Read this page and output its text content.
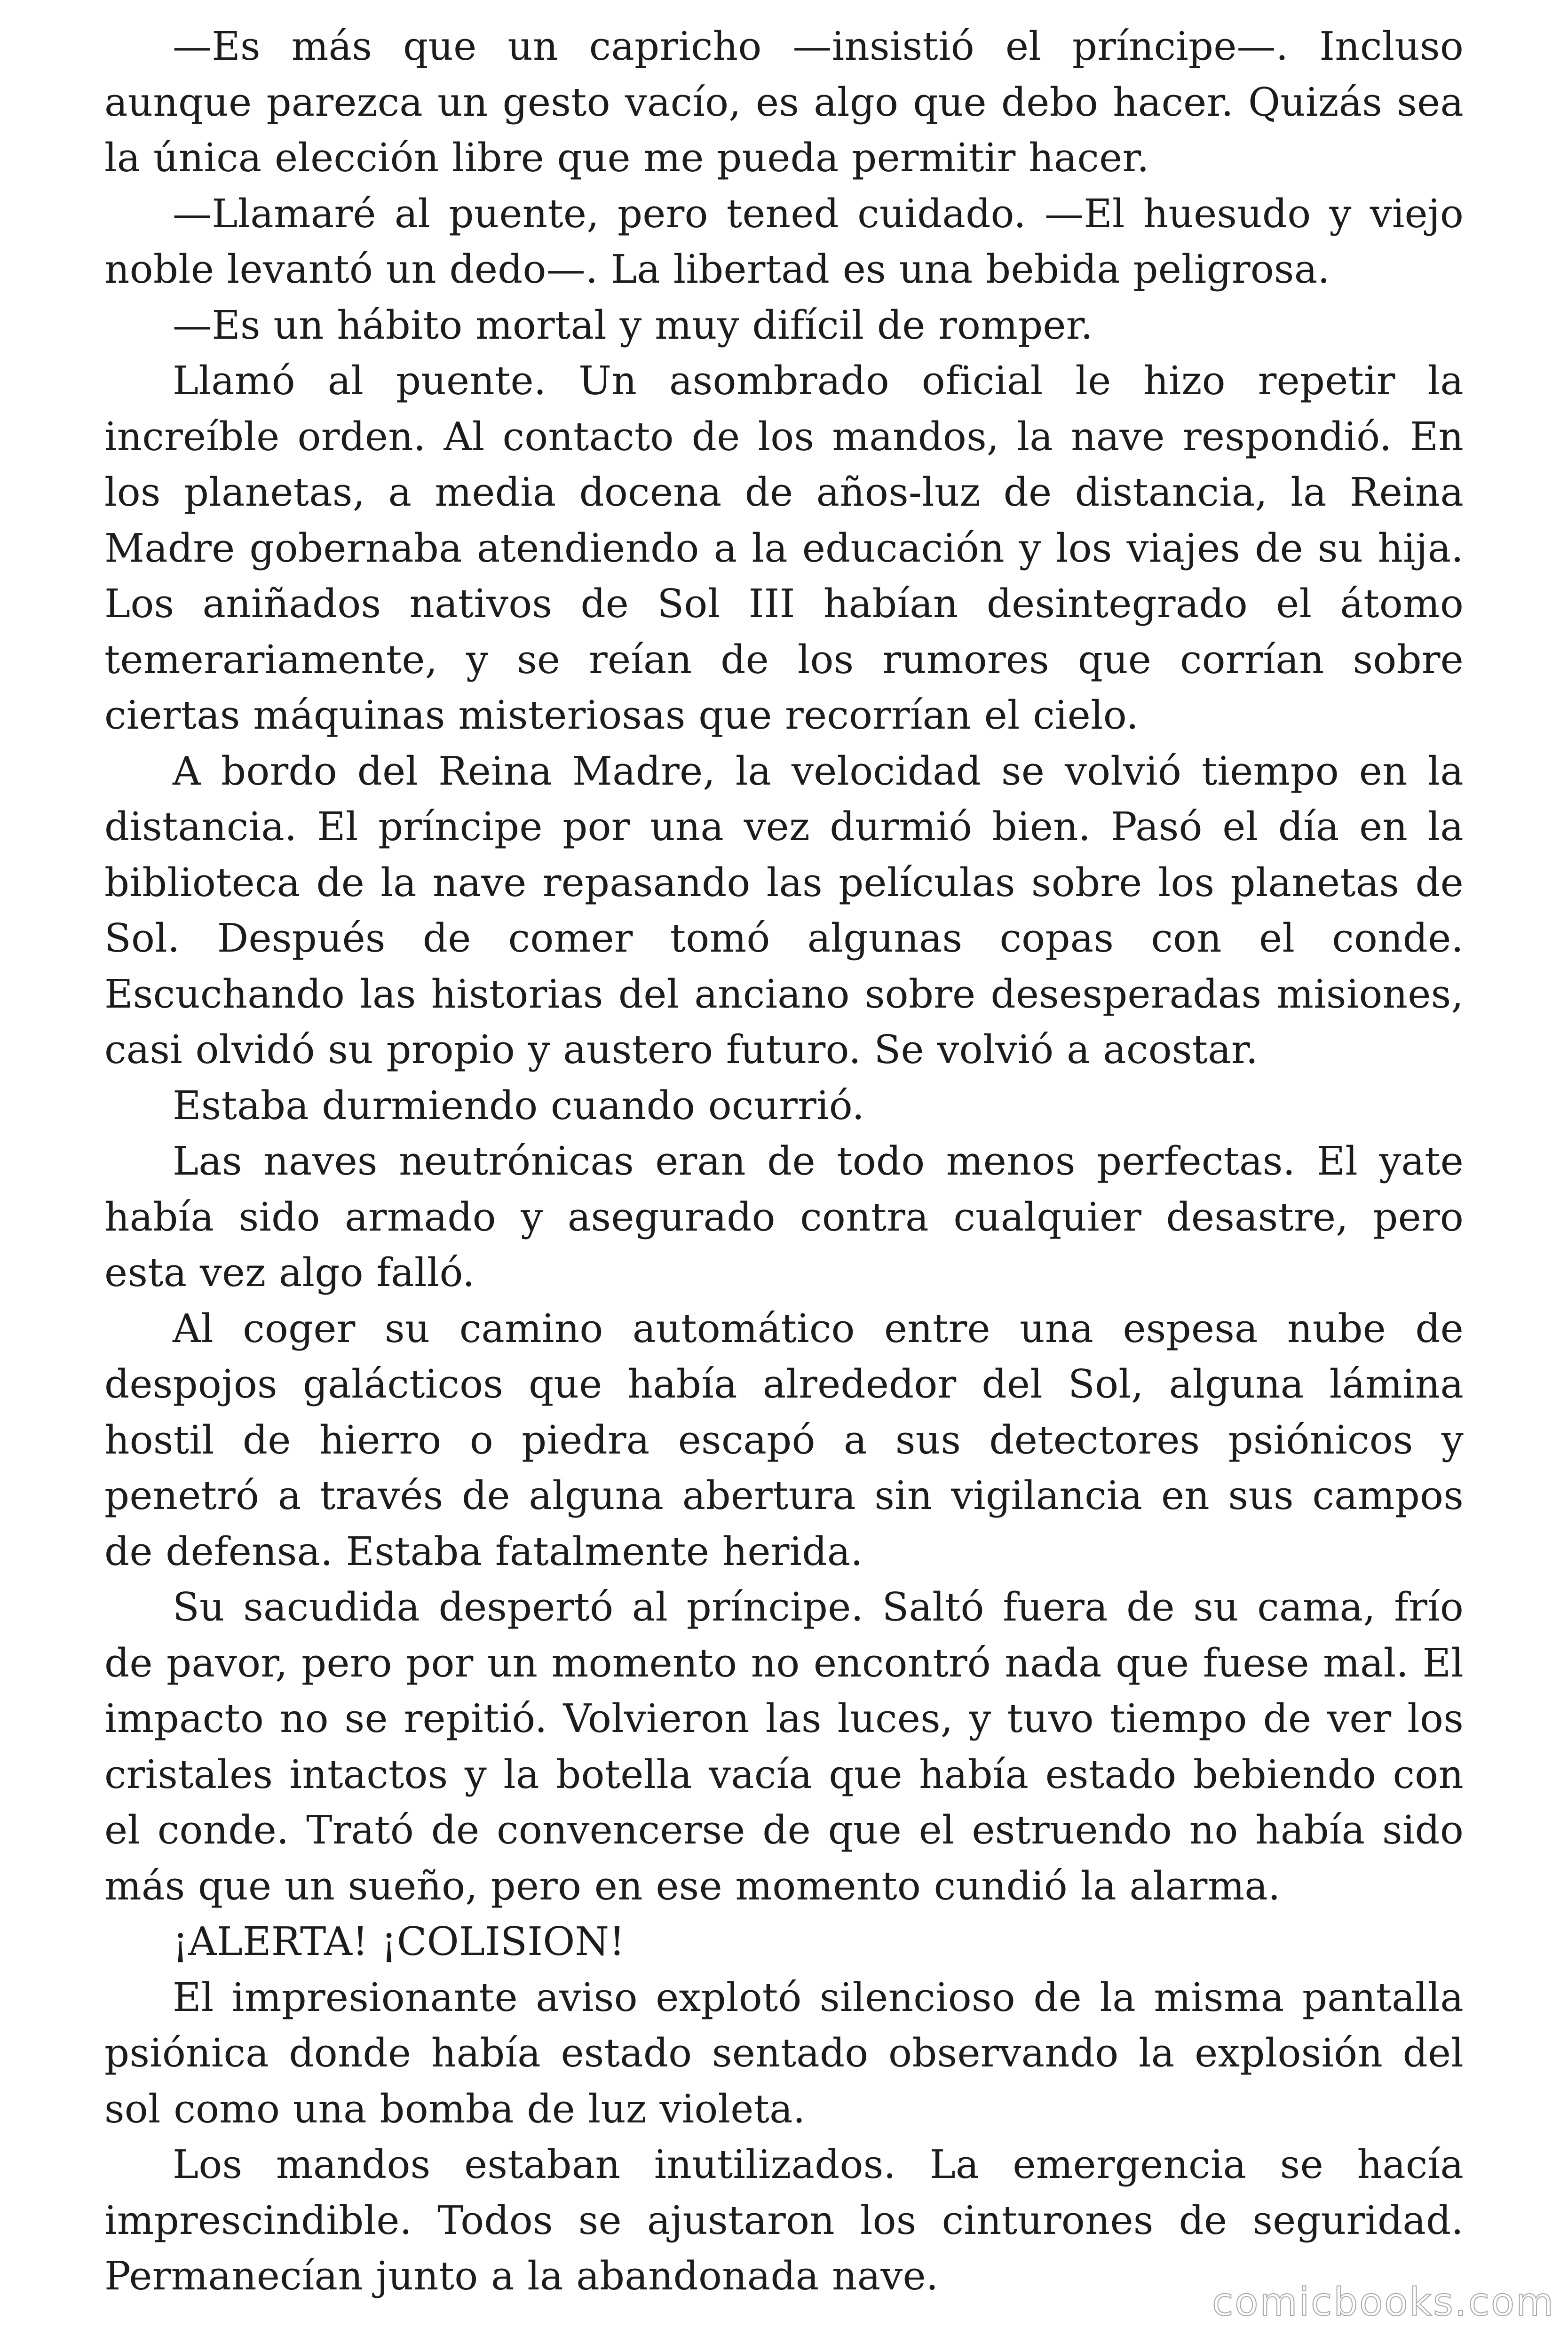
—Es más que un capricho —insistió el príncipe—. Incluso aunque parezca un gesto vacío, es algo que debo hacer. Quizás sea la única elección libre que me pueda permitir hacer.

—Llamaré al puente, pero tened cuidado. —El huesudo y viejo noble levantó un dedo—. La libertad es una bebida peligrosa.

—Es un hábito mortal y muy difícil de romper.

Llamó al puente. Un asombrado oficial le hizo repetir la increíble orden. Al contacto de los mandos, la nave respondió. En los planetas, a media docena de años-luz de distancia, la Reina Madre gobernaba atendiendo a la educación y los viajes de su hija. Los aniñados nativos de Sol III habían desintegrado el átomo temerariamente, y se reían de los rumores que corrían sobre ciertas máquinas misteriosas que recorrían el cielo.

A bordo del Reina Madre, la velocidad se volvió tiempo en la distancia. El príncipe por una vez durmió bien. Pasó el día en la biblioteca de la nave repasando las películas sobre los planetas de Sol. Después de comer tomó algunas copas con el conde. Escuchando las historias del anciano sobre desesperadas misiones, casi olvidó su propio y austero futuro. Se volvió a acostar.

Estaba durmiendo cuando ocurrió.

Las naves neutrónicas eran de todo menos perfectas. El yate había sido armado y asegurado contra cualquier desastre, pero esta vez algo falló.

Al coger su camino automático entre una espesa nube de despojos galácticos que había alrededor del Sol, alguna lámina hostil de hierro o piedra escapó a sus detectores psiónicos y penetró a través de alguna abertura sin vigilancia en sus campos de defensa. Estaba fatalmente herida.

Su sacudida despertó al príncipe. Saltó fuera de su cama, frío de pavor, pero por un momento no encontró nada que fuese mal. El impacto no se repitió. Volvieron las luces, y tuvo tiempo de ver los cristales intactos y la botella vacía que había estado bebiendo con el conde. Trató de convencerse de que el estruendo no había sido más que un sueño, pero en ese momento cundió la alarma.

¡ALERTA! ¡COLISION!

El impresionante aviso explotó silencioso de la misma pantalla psiónica donde había estado sentado observando la explosión del sol como una bomba de luz violeta.

Los mandos estaban inutilizados. La emergencia se hacía imprescindible. Todos se ajustaron los cinturones de seguridad. Permanecían junto a la abandonada nave.

comicbooks.com
